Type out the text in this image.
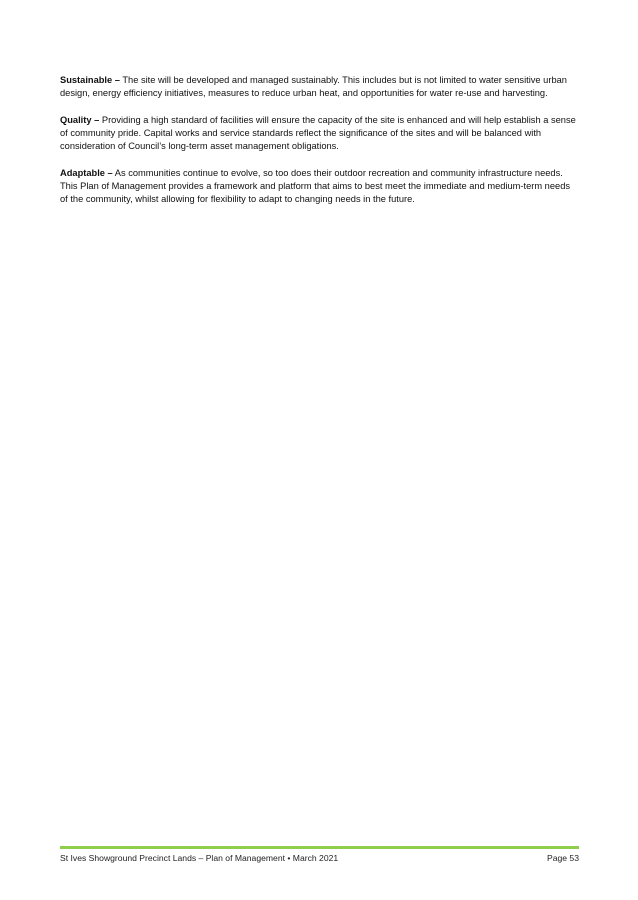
Sustainable – The site will be developed and managed sustainably. This includes but is not limited to water sensitive urban design, energy efficiency initiatives, measures to reduce urban heat, and opportunities for water re-use and harvesting.

Quality – Providing a high standard of facilities will ensure the capacity of the site is enhanced and will help establish a sense of community pride. Capital works and service standards reflect the significance of the sites and will be balanced with consideration of Council’s long-term asset management obligations.

Adaptable – As communities continue to evolve, so too does their outdoor recreation and community infrastructure needs. This Plan of Management provides a framework and platform that aims to best meet the immediate and medium-term needs of the community, whilst allowing for flexibility to adapt to changing needs in the future.

St Ives Showground Precinct Lands – Plan of Management • March 2021	Page 53
